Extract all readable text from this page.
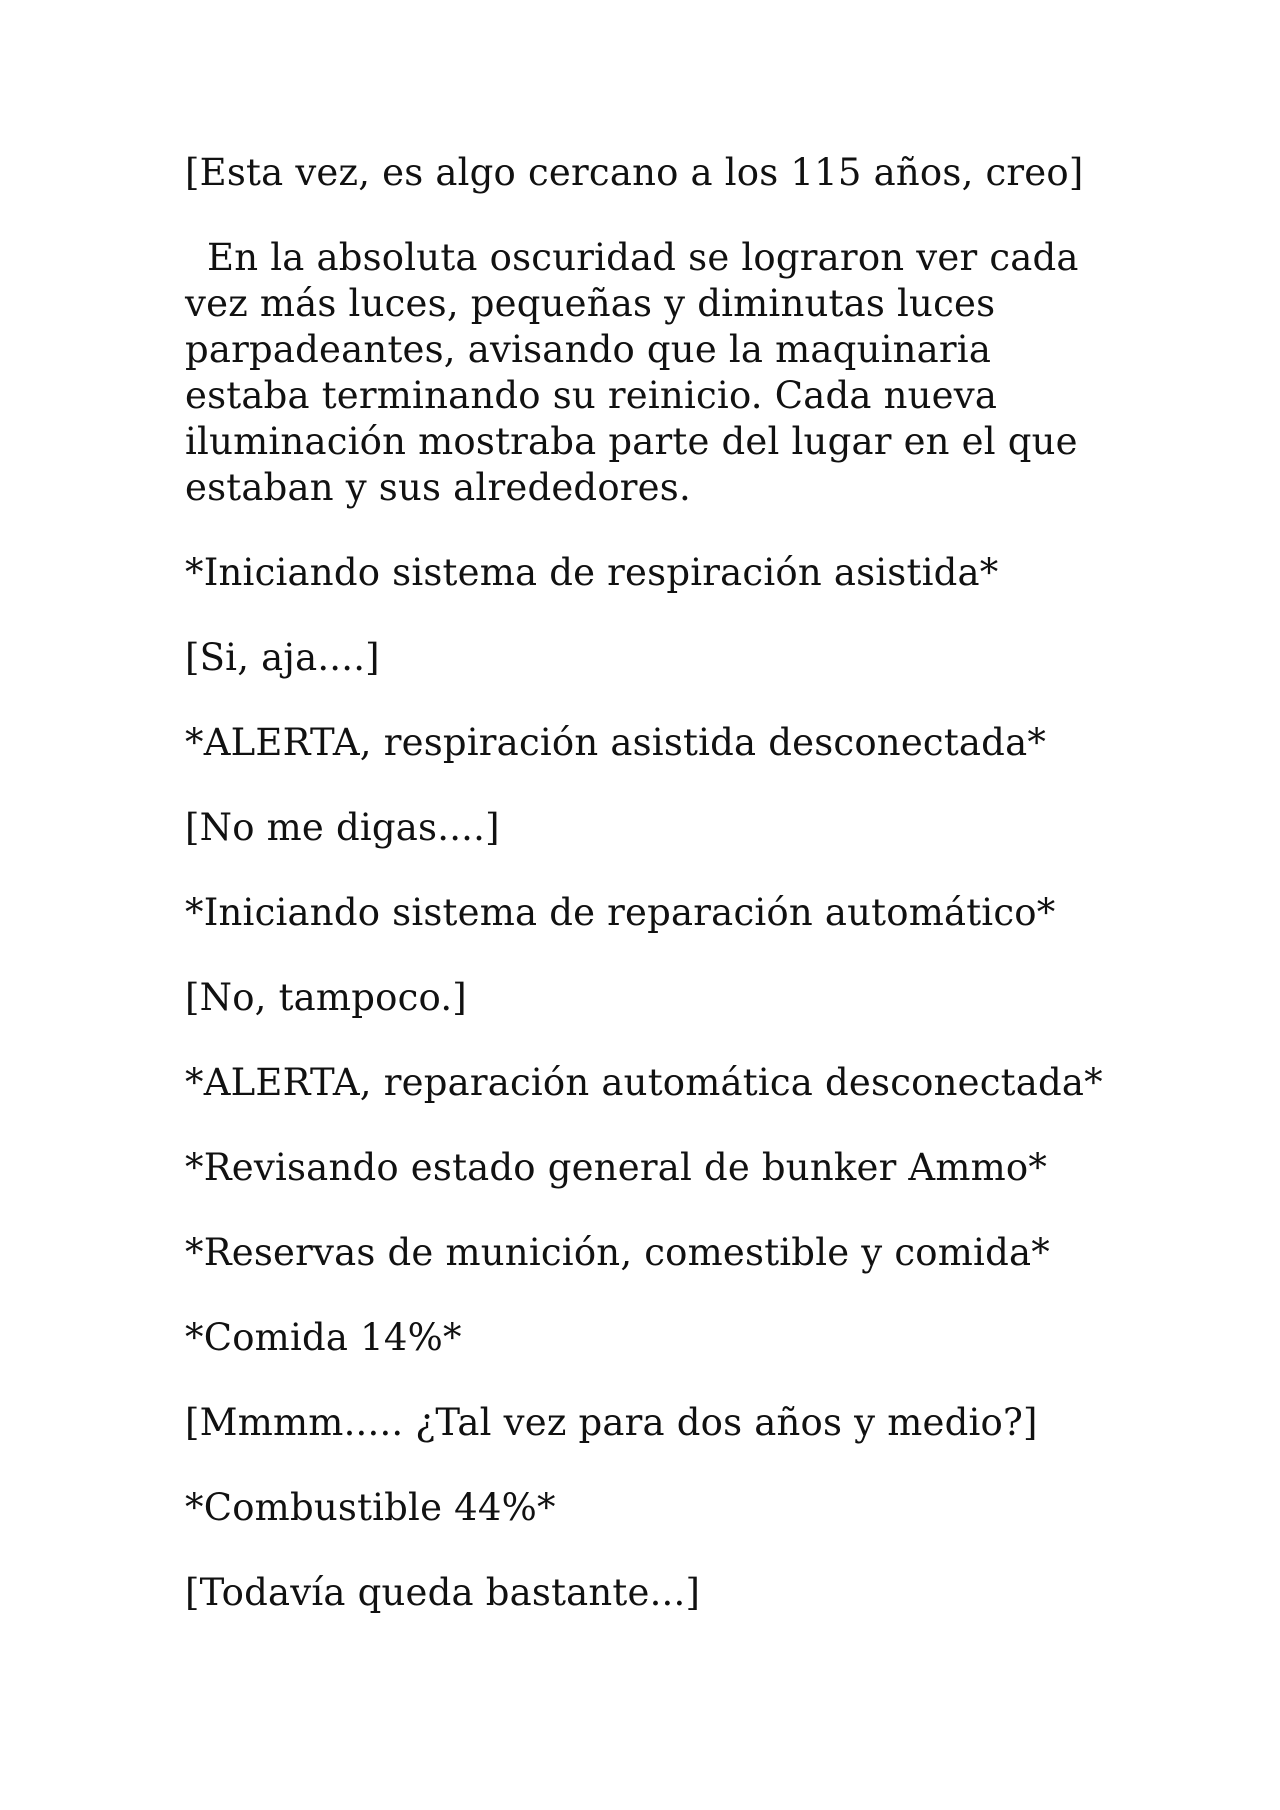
[Esta vez, es algo cercano a los 115 años, creo]

En la absoluta oscuridad se lograron ver cada vez más luces, pequeñas y diminutas luces parpadeantes, avisando que la maquinaria estaba terminando su reinicio. Cada nueva iluminación mostraba parte del lugar en el que estaban y sus alrededores.

*Iniciando sistema de respiración asistida*

[Si, aja....]

*ALERTA, respiración asistida desconectada*

[No me digas....]

*Iniciando sistema de reparación automático*

[No, tampoco.]

*ALERTA, reparación automática desconectada*

*Revisando estado general de bunker Ammo*

*Reservas de munición, comestible y comida*

*Comida 14%*

[Mmmm..... ¿Tal vez para dos años y medio?]

*Combustible 44%*

[Todavía queda bastante...]
